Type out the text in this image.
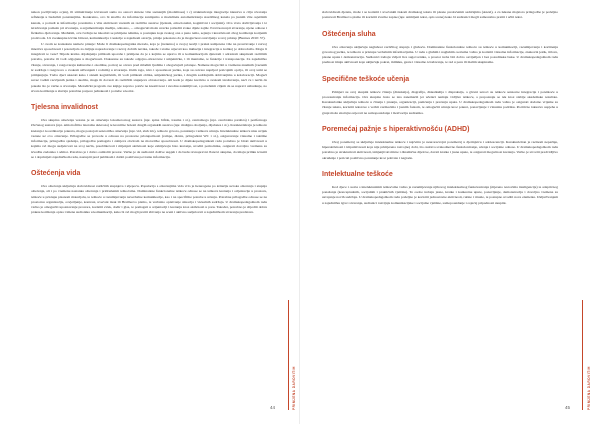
nakon pociljivanja ocjenj, ili stimulriranje izvrsnosti samo na osnovi sintezе više saznanjih (modalitaea) i c) strukturiranje integracije iskustva u cilju stvaranja refleksije u budućim ponašanjima. Konkretno, ovo bi značilo da informacije zaninjamo u modalitetu automatiziranja stazdžinog kanala pa jasnim više osjetilnih kanala, a potrudi te informacije povežemo s više aktivnosti vezanih uz različite sustave (tjelesni, emocionalni, kognitivni i socijalni). Ova vrsta doživljavanja i iz izražavanja pomaže pri stvaranju, u argumentiranju mediju, odnosno, ... omogućuti može uvećka pobuditi svake dijele zajiše čvrsti koncepti stvaranje, njene odnose i fizikalno djelovanje. Međutim, ovu tvrdnju ne iskoristi se primjena tehnika, u postupku koje svakog ona a puno tema, sejanja i kreativnosti zbog korištenja korijenih proizvoda. Uz sveukupnu izvrnu bitnost, komunikacija i reakcije u zajednom ozračja, prisije pokazano da je mogućnost ostavljenja u svoj pristup (Biernes 2010: 37).

U ovom se kontekstu nameće pitanje: Može li dramskopedagoška metoda, koja je (trenutno) u svojoj teoriji i praksi usmjerena više na proučavanje i razvoj mnoštva sposobnosti i potencijala za daljnje napredovanje i razvoj dobrih navika, takođe i stalno utjecati kao inkluzija i integracija u kolikoj je dobrodošla. Mogu li integrirati te veze? Slijede kratka objašnjenja prilikom uporabe i primjene da je s kojima se upravo ili u komunikacijom djetetom i odraslom skupinom različnih potreba, potrebe ili vodi odgojanu u mogućnosti. Dokazane su takođe odgojno-obrazovne i umjetničke, i ili mentalne, te funkcije i transponacije. Za zajedničko čitanje, stvaranje, i razgovaraju kulturalno i okolišne, poticaj se otvara pred mladim ljudima i obogaćujući pristupe. Namene mogu biti u vremenu znamnih (vezanih iz sadržaja i razgovora o svakom uživanjem i rodnim) u stvaranju. Osim toga, nivo i sposobnost jezika, koje su ostvare naprijed poticajnih opcija, ili ovoj temi se primjenjuju. Treba djeci ukazati kako i sistem kognitivnih, ili vodi prilikom oblika, umjetničkog jezika, i drugim sadržajnim dobivanjima u kolaboraciji. Mogući savez vodim razvijenih jezika i okoliša, mogu ih dovesti do različitih stupnjeva obrazovanja. Ali kada je dijete kretivno u svakom izražavanju, naći će i način da pokaže što je važno u stvaranju. Metodički program ove knjige zapravo potiče na kreativnost i uvodnu zanimljivost, s potrebnim ciljem da se napravi uzbuđenje, no stvara korištenje u slučaju potrebne potpore jednakosti i potrebe u korist.

Tjelesna invalidnost

Ova skupina oštećenja vezana je uz oštećenja lokomotornog sustava (npr. spina bifida, trauma i sl.), centralnoga (npr. cerebralna paraliza) i perifernoga živčanog sustava (npr. amiotrofična lateralna skleroza) te kronične bolesti drugih organskih sustava (npr. maligna oboljenja, dijabetes i sl.). Karakteriziraju je teškoće kretanja i koordinacije pokreta, mogu postojati senzorička oštećenja (npr. vid, sluh itd.), teškoće govora, ponašanja i teškoće učenja. Intelektualne teškoće nisu uvijek vezane uz ovo oštećenje. Prilagodbe se provode u odnosu na prostorne pristupačnosti (rampe, dizala, prilagođeni WC i sl.), osiguravanje vizualne i taktilne informacije, prilagodbu sjedenja, prilagodbu pomagala i zahtjeva obzirom na motoričke sposobnosti. U dramskopedagoškom radu potrebno je birati aktivnosti u kojima svi mogu sudjelovati na svoj način, preoblikovati i mijenjati aktivnosti koje zahtijevaju brzo kretanje, uvoditi pomoćnike, osigurati dovoljno vremena za izvedbu zadataka i odmor. Potrebno je i dobro osmisliti prostor. Važno je da sudionici dožive uspjeh i da budu ravnopravni članovi skupine, da imaju priliku izraziti se i doprinijeti zajedničkom radu, nastupiti pred publikom i dobiti pozitivnu povratnu informaciju.

Oštećenja vida

Ova oštećenja ukljućuju slabovidnost različitih stupnjeva i sljepoću. Populacija s oštećenjima vida vrlo je heterogena po kriteriju uzroka oštećenja i stupnja oštećenja, ali i po vremenu nastanka oštećenja i pridruženim teškoćama. Dominantne funkcionalne teškoće odnose se na teškoće kretanja i orijentacije u prostoru, teškoće u pristupu pisanom materijalu, te teškoće u razumijevanju neverbalne komunikacije, kao i na specifične potrebe u učenju. Potrebne prilagodbe odnose se na prostornu organizaciju, osvjetljenje, kontrast, uvećani tisak ili Brailleovo pismo, te verbalno opisivanje situacija i vizualnih sadržaja. U dramskopedagoškom radu važno je omogućiti upoznavanje prostora, koristiti zvuk, dodir i glas, te pomagati u orijentaciji i kretanju kroz aktivnosti u paru. Također, potrebno je slijediti dobru praksu korištenja opisa i imena sudionika u komunikaciji, kako bi svi mogli pratiti zbivanja na sceni i aktivno sudjelovati u zajedničkom stvaranju predstave.

44	PRIMJENA DAROVITIH

slabovidnom djetetu, može i se koristiti i uvećanim tiskom dramskog teksta ili pisano predočenim sadržajima (Anzel), a za šekane majstora prilagodbe je poželjno poznavati Brailleovo pismo ili koristiti zvučne zapise (npr. snimljeni tekst, opis scene) kako bi sudionici mogli samostalno pratiti i učiti tekst.

Oštećenja sluha

Ova oštećenja uključuju nagluhost različitog stupnja i gluhoću. Dominantne funkcionalne teškoće su teškoće u komunikaciji, razumijevanju i korištenju govornog jezika, te teškoće u pristupu verbalnim informacijama. U radu s gluhim i nagluhim osobama važno je koristiti vizualne informacije, znakovni jezik, titlove, pisane upute i demonstraciju. Sudionici trebaju vidjeti lice sugovornika, a prostor treba biti dobro osvijetljen i bez pozadinske buke. U dramskopedagoškom radu prednost imaju aktivnosti koje uključuju pokret, mimiku, gestu i vizualno izražavanje, te rad u paru ili malim skupinama.

Specifične teškoće učenja

Primjeri su ovoj skupini teškoće čitanja (disleksija), disgrafija, diskalkulija i dispraksija, a glavni uzroci su teškoće senzorne integracije i poteškoće u procesuiranju informacija. Ova skupina često se zna zanemariti jer učenici nemaju vidljive teškoće, a prepoznaju se tek kroz slabije akademske rezultate. Karakteristike uključuju teškoće u čitanju i pisanju, organizaciji, pamćenju i praćenju uputa. U dramskopedagoškom radu važno je osigurati dodatno vrijeme za čitanje teksta, koristiti tekstove s većim razmacima i jasnim fontom, te omogućiti učenje kroz pokret, ponavljanje i vizualnu podršku. Pozitivno iskustvo uspjeha u grupi može značajno utjecati na samopouzdanje i motivaciju sudionika.

Poremećaj pažnje s hiperaktivnošću (ADHD)

Ovaj poremećaj se uključuje intelektualne teškoće i najčešće je neurorazvojni poremećaj u djetinjstvu i adolescenciji. Karakteriziran je razinom nepažnje, hiperaktivnosti i impulzivnosti koja nije primjerena razvojnoj dobi, što otežava svakodnevno funkcioniranje, učenje i socijalne odnose. U dramskopedagoškom radu potrebno je strukturirati aktivnosti, izmjenjivati mirne i dinamične dijelove, davati kratke i jasne upute, te osigurati mogućnost kretanja. Važno je stvoriti predvidljivo okruženje i poticati pozitivno ponašanje kroz pohvale i nagrade.

Intelektualne teškoće

Kod djece i osoba s intelektualnim teškoćama važno je razumijevanje njihovog intelektualnog funkcioniranja (mjereno testovima inteligencije) te adaptivnog ponašanja (konceptualnih, socijalnih i praktičnih vještina). Te osobe trebaju jasne, kratke i konkretne upute, ponavljanje, demonstraciju i dovoljno vremena za usvajanje novih sadržaja. U dramskopedagoškom radu poželjno je koristiti jednostavne aktivnosti, rutine i rituale, te postupno uvoditi nove elemente. Uključivanjem u zajedničku igru i stvaranje, sudionici razvijaju komunikacijske i socijalne vještine, samopouzdanje i osjećaj pripadnosti skupini.

45	PRIMJENA DAROVITIH
